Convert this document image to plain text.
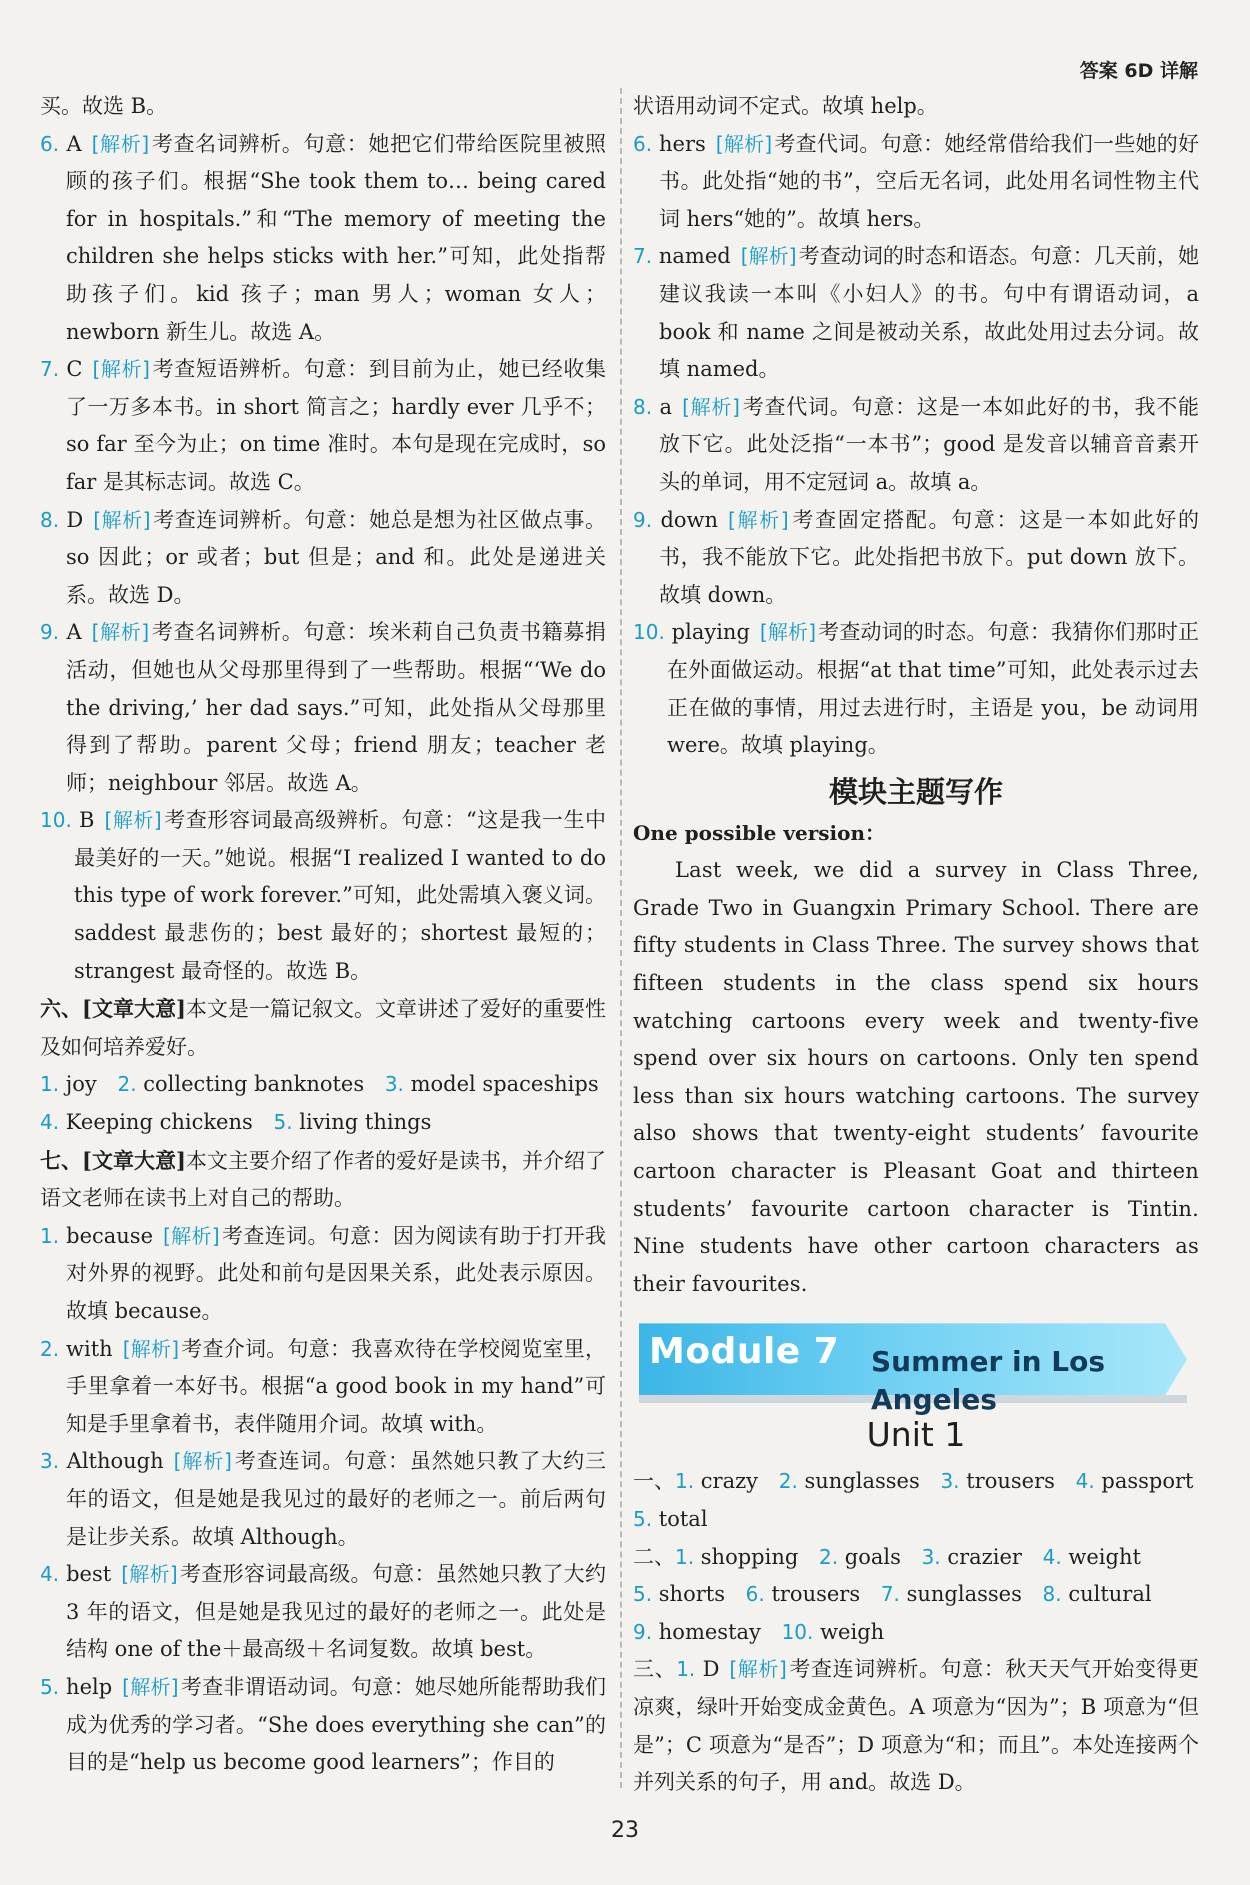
答案 6D 详解

买。故选 B。

6. A [解析]考查名词辨析。句意：她把它们带给医院里被照顾的孩子们。根据“She took them to… being cared for in hospitals.”和“The memory of meeting the children she helps sticks with her.”可知，此处指帮助孩子们。kid 孩子；man 男人；woman 女人；newborn 新生儿。故选 A。

7. C [解析]考查短语辨析。句意：到目前为止，她已经收集了一万多本书。in short 简言之；hardly ever 几乎不；so far 至今为止；on time 准时。本句是现在完成时，so far 是其标志词。故选 C。

8. D [解析]考查连词辨析。句意：她总是想为社区做点事。so 因此；or 或者；but 但是；and 和。此处是递进关系。故选 D。

9. A [解析]考查名词辨析。句意：埃米莉自己负责书籍募捐活动，但她也从父母那里得到了一些帮助。根据“‘We do the driving,’ her dad says.”可知，此处指从父母那里得到了帮助。parent 父母；friend 朋友；teacher 老师；neighbour 邻居。故选 A。

10. B [解析]考查形容词最高级辨析。句意：“这是我一生中最美好的一天。”她说。根据“I realized I wanted to do this type of work forever.”可知，此处需填入褒义词。saddest 最悲伤的；best 最好的；shortest 最短的；strangest 最奇怪的。故选 B。

六、[文章大意]本文是一篇记叙文。文章讲述了爱好的重要性及如何培养爱好。

1. joy 2. collecting banknotes 3. model spaceships

4. Keeping chickens 5. living things

七、[文章大意]本文主要介绍了作者的爱好是读书，并介绍了语文老师在读书上对自己的帮助。

1. because [解析]考查连词。句意：因为阅读有助于打开我对外界的视野。此处和前句是因果关系，此处表示原因。故填 because。

2. with [解析]考查介词。句意：我喜欢待在学校阅览室里，手里拿着一本好书。根据“a good book in my hand”可知是手里拿着书，表伴随用介词。故填 with。

3. Although [解析]考查连词。句意：虽然她只教了大约三年的语文，但是她是我见过的最好的老师之一。前后两句是让步关系。故填 Although。

4. best [解析]考查形容词最高级。句意：虽然她只教了大约 3 年的语文，但是她是我见过的最好的老师之一。此处是结构 one of the＋最高级＋名词复数。故填 best。

5. help [解析]考查非谓语动词。句意：她尽她所能帮助我们成为优秀的学习者。“She does everything she can”的目的是“help us become good learners”；作目的

状语用动词不定式。故填 help。

6. hers [解析]考查代词。句意：她经常借给我们一些她的好书。此处指“她的书”，空后无名词，此处用名词性物主代词 hers“她的”。故填 hers。

7. named [解析]考查动词的时态和语态。句意：几天前，她建议我读一本叫《小妇人》的书。句中有谓语动词，a book 和 name 之间是被动关系，故此处用过去分词。故填 named。

8. a [解析]考查代词。句意：这是一本如此好的书，我不能放下它。此处泛指“一本书”；good 是发音以辅音音素开头的单词，用不定冠词 a。故填 a。

9. down [解析]考查固定搭配。句意：这是一本如此好的书，我不能放下它。此处指把书放下。put down 放下。故填 down。

10. playing [解析]考查动词的时态。句意：我猜你们那时正在外面做运动。根据“at that time”可知，此处表示过去正在做的事情，用过去进行时，主语是 you，be 动词用 were。故填 playing。

模块主题写作

One possible version：

Last week, we did a survey in Class Three, Grade Two in Guangxin Primary School. There are fifty students in Class Three. The survey shows that fifteen students in the class spend six hours watching cartoons every week and twenty-five spend over six hours on cartoons. Only ten spend less than six hours watching cartoons. The survey also shows that twenty-eight students’ favourite cartoon character is Pleasant Goat and thirteen students’ favourite cartoon character is Tintin. Nine students have other cartoon characters as their favourites.

Module 7 Summer in Los Angeles
Unit 1

一、1. crazy 2. sunglasses 3. trousers 4. passport

5. total

二、1. shopping 2. goals 3. crazier 4. weight

5. shorts 6. trousers 7. sunglasses 8. cultural

9. homestay 10. weigh

三、1. D [解析]考查连词辨析。句意：秋天天气开始变得更凉爽，绿叶开始变成金黄色。A 项意为“因为”；B 项意为“但是”；C 项意为“是否”；D 项意为“和；而且”。本处连接两个并列关系的句子，用 and。故选 D。

23
